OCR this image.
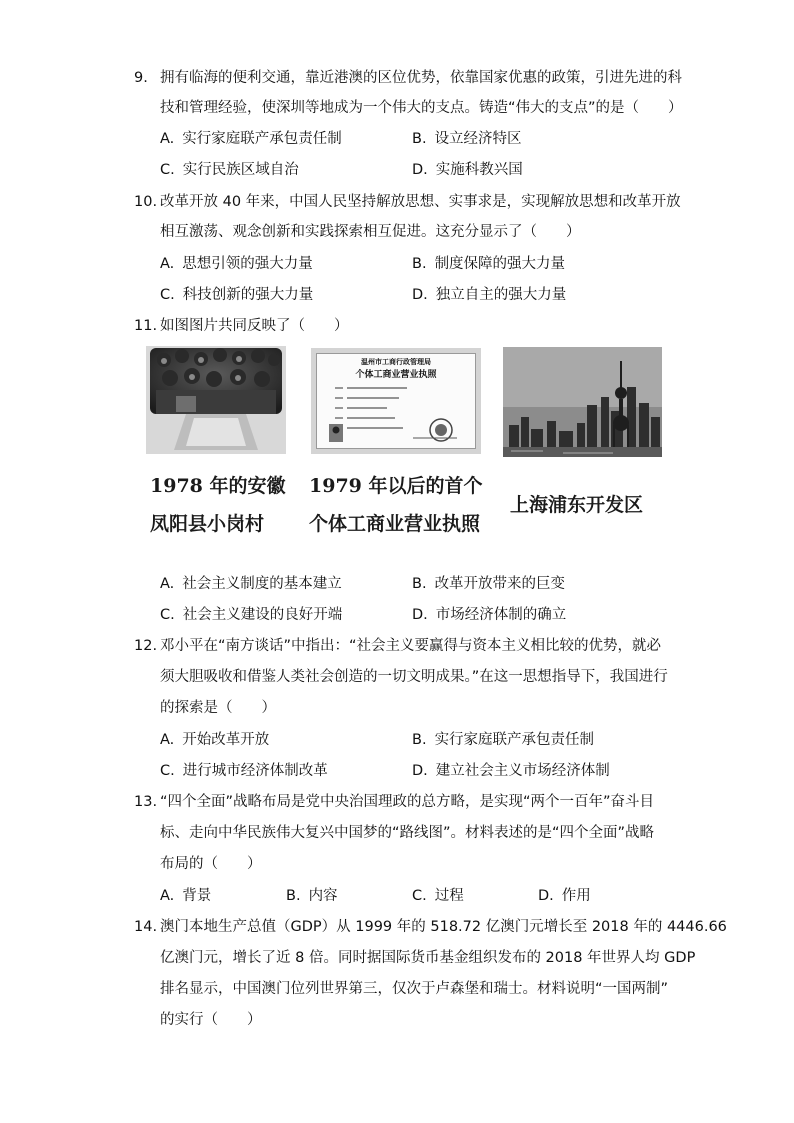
9. 拥有临海的便利交通，靠近港澳的区位优势，依靠国家优惠的政策，引进先进的科
技和管理经验，使深圳等地成为一个伟大的支点。铸造“伟大的支点”的是（　　）
A. 实行家庭联产承包责任制	B. 设立经济特区
C. 实行民族区域自治	D. 实施科教兴国
10. 改革开放 40 年来，中国人民坚持解放思想、实事求是，实现解放思想和改革开放
相互激荡、观念创新和实践探索相互促进。这充分显示了（　　）
A. 思想引领的强大力量	B. 制度保障的强大力量
C. 科技创新的强大力量	D. 独立自主的强大力量
11. 如图图片共同反映了（　　）
温州市工商行政管理局
个体工商业营业执照
1978 年的安徽
凤阳县小岗村
1979 年以后的首个
个体工商业营业执照
上海浦东开发区
A. 社会主义制度的基本建立	B. 改革开放带来的巨变
C. 社会主义建设的良好开端	D. 市场经济体制的确立
12. 邓小平在“南方谈话”中指出：“社会主义要赢得与资本主义相比较的优势，就必
须大胆吸收和借鉴人类社会创造的一切文明成果。”在这一思想指导下，我国进行
的探索是（　　）
A. 开始改革开放	B. 实行家庭联产承包责任制
C. 进行城市经济体制改革	D. 建立社会主义市场经济体制
13. “四个全面”战略布局是党中央治国理政的总方略，是实现“两个一百年”奋斗目
标、走向中华民族伟大复兴中国梦的“路线图”。材料表述的是“四个全面”战略
布局的（　　）
A. 背景	B. 内容	C. 过程	D. 作用
14. 澳门本地生产总值（GDP）从 1999 年的 518.72 亿澳门元增长至 2018 年的 4446.66
亿澳门元，增长了近 8 倍。同时据国际货币基金组织发布的 2018 年世界人均 GDP
排名显示，中国澳门位列世界第三，仅次于卢森堡和瑞士。材料说明“一国两制”
的实行（　　）
